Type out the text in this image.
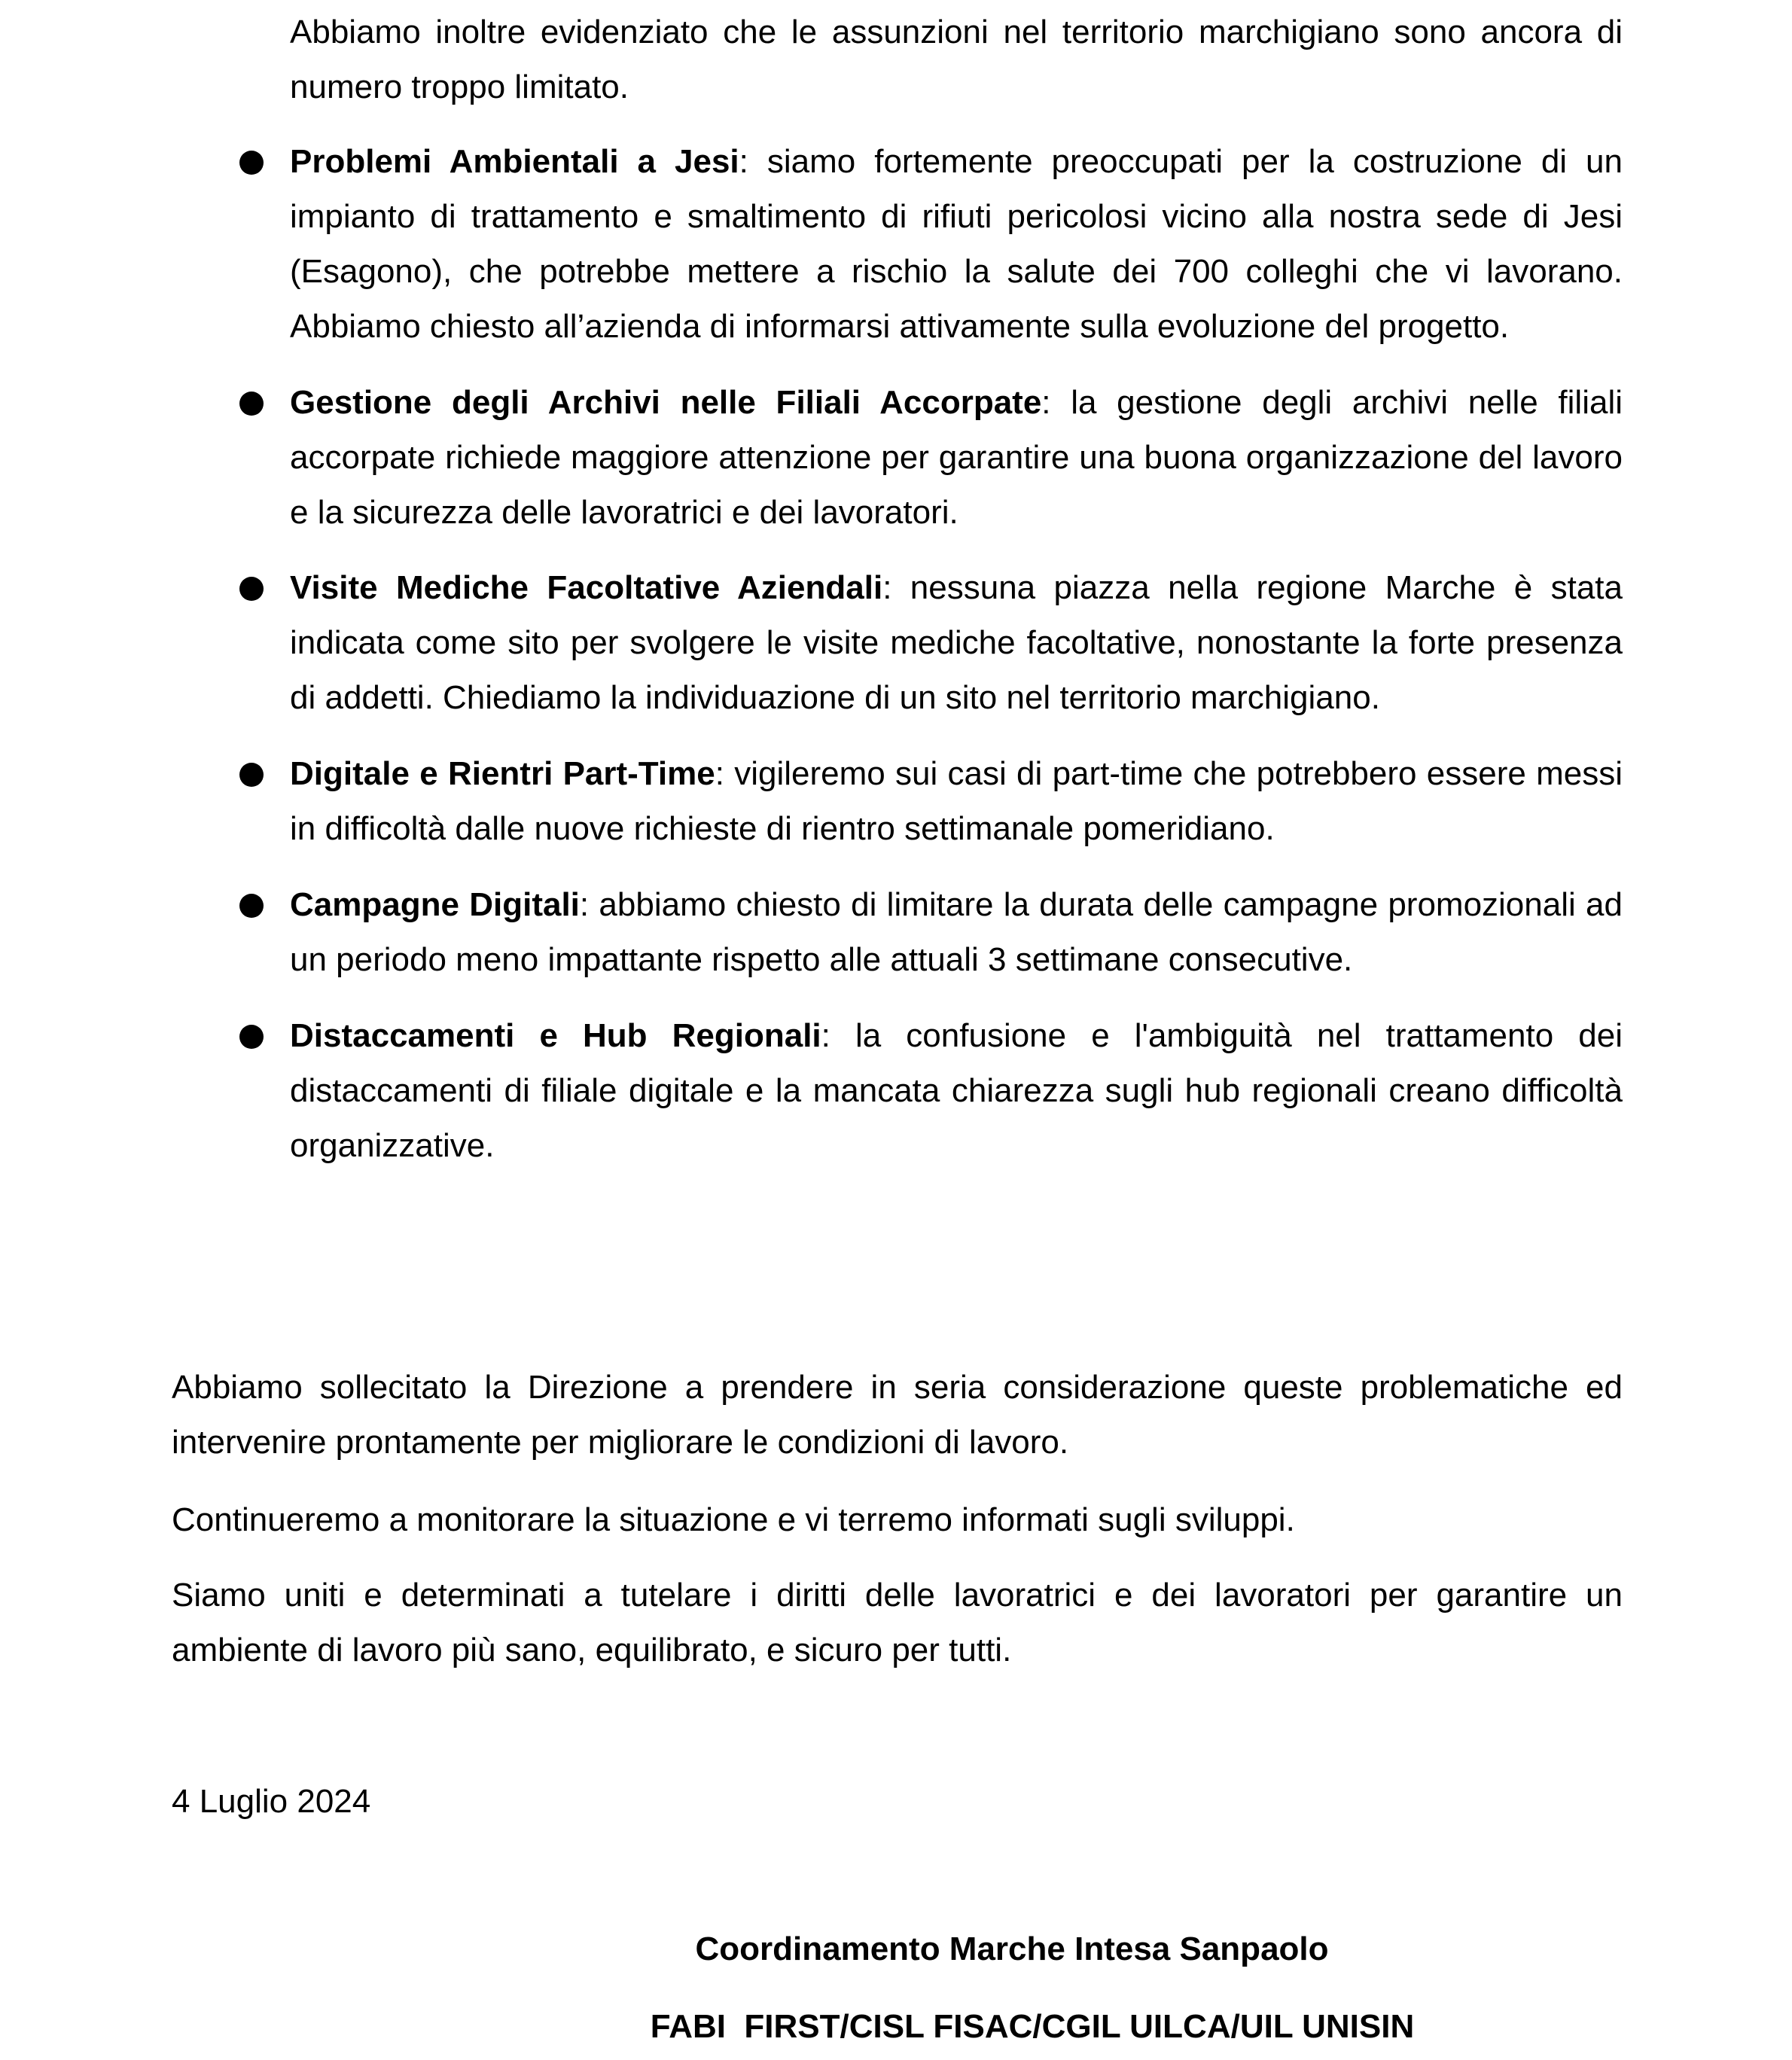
Abbiamo inoltre evidenziato che le assunzioni nel territorio marchigiano sono ancora di numero troppo limitato.

Problemi Ambientali a Jesi: siamo fortemente preoccupati per la costruzione di un impianto di trattamento e smaltimento di rifiuti pericolosi vicino alla nostra sede di Jesi (Esagono), che potrebbe mettere a rischio la salute dei 700 colleghi che vi lavorano. Abbiamo chiesto all’azienda di informarsi attivamente sulla evoluzione del progetto.
Gestione degli Archivi nelle Filiali Accorpate: la gestione degli archivi nelle filiali accorpate richiede maggiore attenzione per garantire una buona organizzazione del lavoro e la sicurezza delle lavoratrici e dei lavoratori.
Visite Mediche Facoltative Aziendali: nessuna piazza nella regione Marche è stata indicata come sito per svolgere le visite mediche facoltative, nonostante la forte presenza di addetti. Chiediamo la individuazione di un sito nel territorio marchigiano.
Digitale e Rientri Part-Time: vigileremo sui casi di part-time che potrebbero essere messi in difficoltà dalle nuove richieste di rientro settimanale pomeridiano.
Campagne Digitali: abbiamo chiesto di limitare la durata delle campagne promozionali ad un periodo meno impattante rispetto alle attuali 3 settimane consecutive.
Distaccamenti e Hub Regionali: la confusione e l'ambiguità nel trattamento dei distaccamenti di filiale digitale e la mancata chiarezza sugli hub regionali creano difficoltà organizzative.

Abbiamo sollecitato la Direzione a prendere in seria considerazione queste problematiche ed intervenire prontamente per migliorare le condizioni di lavoro.

Continueremo a monitorare la situazione e vi terremo informati sugli sviluppi.

Siamo uniti e determinati a tutelare i diritti delle lavoratrici e dei lavoratori per garantire un ambiente di lavoro più sano, equilibrato, e sicuro per tutti.

4 Luglio 2024

Coordinamento Marche Intesa Sanpaolo

FABI  FIRST/CISL FISAC/CGIL UILCA/UIL UNISIN
